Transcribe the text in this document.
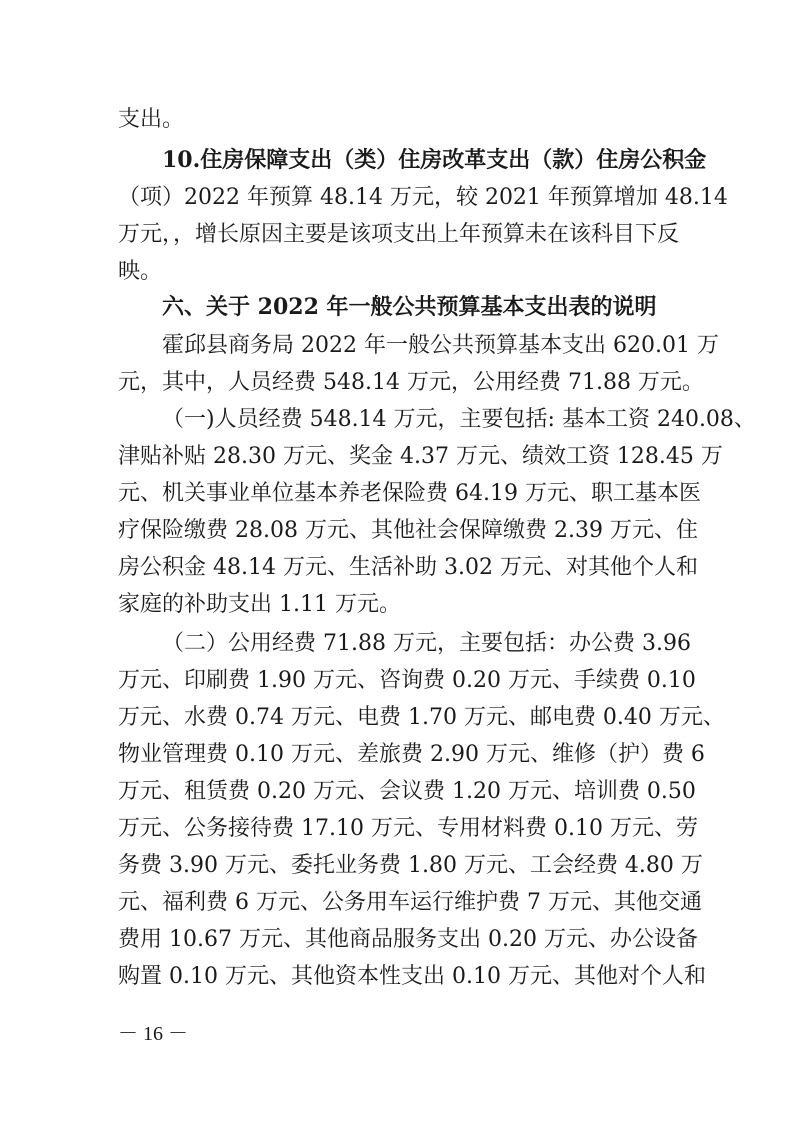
支出。
10.住房保障支出（类）住房改革支出（款）住房公积金
（项）2022 年预算 48.14 万元，较 2021 年预算增加 48.14
万元，，增长原因主要是该项支出上年预算未在该科目下反
映。
六、关于 2022 年一般公共预算基本支出表的说明
霍邱县商务局 2022 年一般公共预算基本支出 620.01 万
元，其中，人员经费 548.14 万元，公用经费 71.88 万元。
（一)人员经费 548.14 万元，主要包括: 基本工资 240.08、
津贴补贴 28.30 万元、奖金 4.37 万元、绩效工资 128.45 万
元、机关事业单位基本养老保险费 64.19 万元、职工基本医
疗保险缴费 28.08 万元、其他社会保障缴费 2.39 万元、住
房公积金 48.14 万元、生活补助 3.02 万元、对其他个人和
家庭的补助支出 1.11 万元。
（二）公用经费 71.88 万元，主要包括：办公费 3.96
万元、印刷费 1.90 万元、咨询费 0.20 万元、手续费 0.10
万元、水费 0.74 万元、电费 1.70 万元、邮电费 0.40 万元、
物业管理费 0.10 万元、差旅费 2.90 万元、维修（护）费 6
万元、租赁费 0.20 万元、会议费 1.20 万元、培训费 0.50
万元、公务接待费 17.10 万元、专用材料费 0.10 万元、劳
务费 3.90 万元、委托业务费 1.80 万元、工会经费 4.80 万
元、福利费 6 万元、公务用车运行维护费 7 万元、其他交通
费用 10.67 万元、其他商品服务支出 0.20 万元、办公设备
购置 0.10 万元、其他资本性支出 0.10 万元、其他对个人和
－ 16 －
